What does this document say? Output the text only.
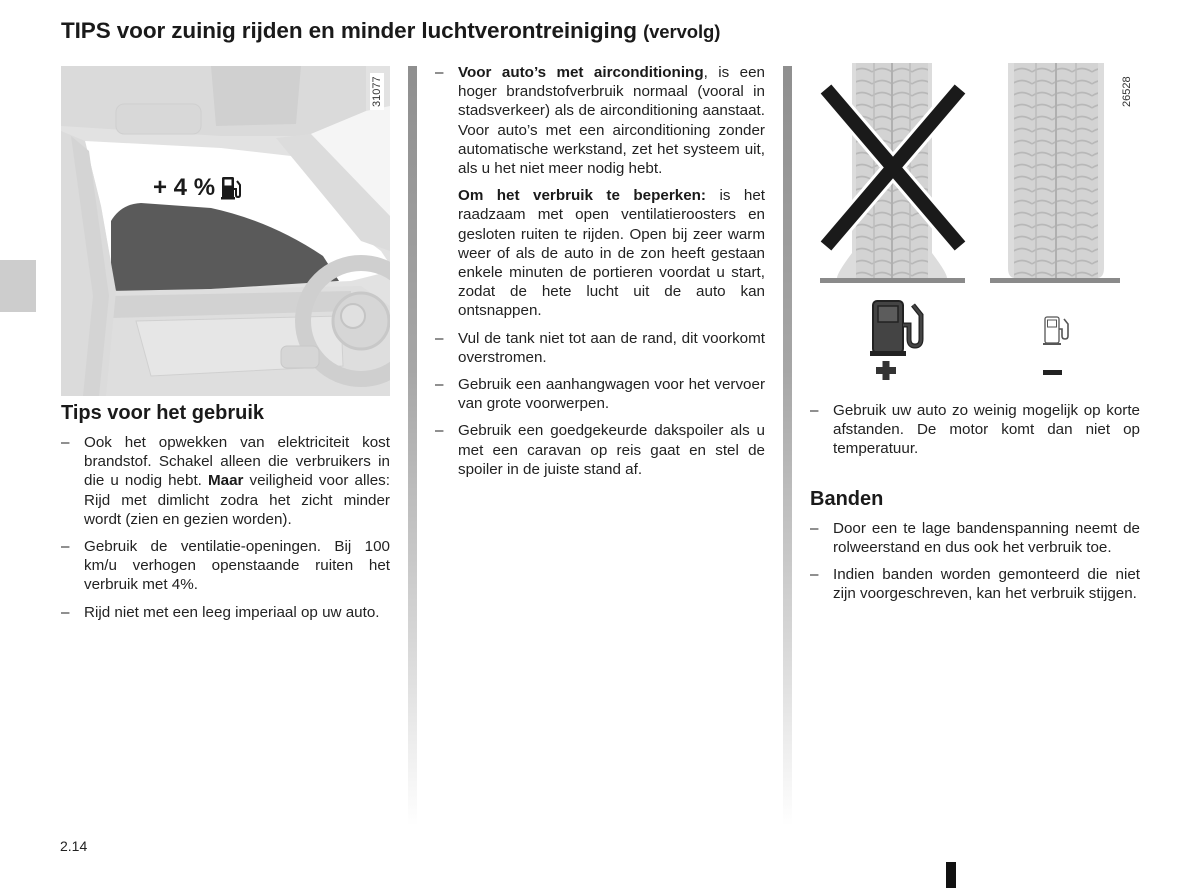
TIPS voor zuinig rijden en minder luchtverontreiniging (vervolg)
+ 4 %
31077
Tips voor het gebruik
– Ook het opwekken van elektriciteit kost brandstof. Schakel alleen die verbruikers in die u nodig hebt. Maar veiligheid voor alles: Rijd met dimlicht zodra het zicht minder wordt (zien en gezien worden).
– Gebruik de ventilatie-openingen. Bij 100 km/u verhogen openstaande ruiten het verbruik met 4%.
– Rijd niet met een leeg imperiaal op uw auto.
– Voor auto’s met airconditioning, is een hoger brandstofverbruik normaal (vooral in stadsverkeer) als de airconditioning aanstaat. Voor auto’s met een airconditioning zonder automatische werkstand, zet het systeem uit, als u het niet meer nodig hebt.
Om het verbruik te beperken: is het raadzaam met open ventilatieroosters en gesloten ruiten te rijden. Open bij zeer warm weer of als de auto in de zon heeft gestaan enkele minuten de portieren voordat u start, zodat de hete lucht uit de auto kan ontsnappen.
– Vul de tank niet tot aan de rand, dit voorkomt overstromen.
– Gebruik een aanhangwagen voor het vervoer van grote voorwerpen.
– Gebruik een goedgekeurde dakspoiler als u met een caravan op reis gaat en stel de spoiler in de juiste stand af.
26528
– Gebruik uw auto zo weinig mogelijk op korte afstanden. De motor komt dan niet op temperatuur.
Banden
– Door een te lage bandenspanning neemt de rolweerstand en dus ook het verbruik toe.
– Indien banden worden gemonteerd die niet zijn voorgeschreven, kan het verbruik stijgen.
2.14
